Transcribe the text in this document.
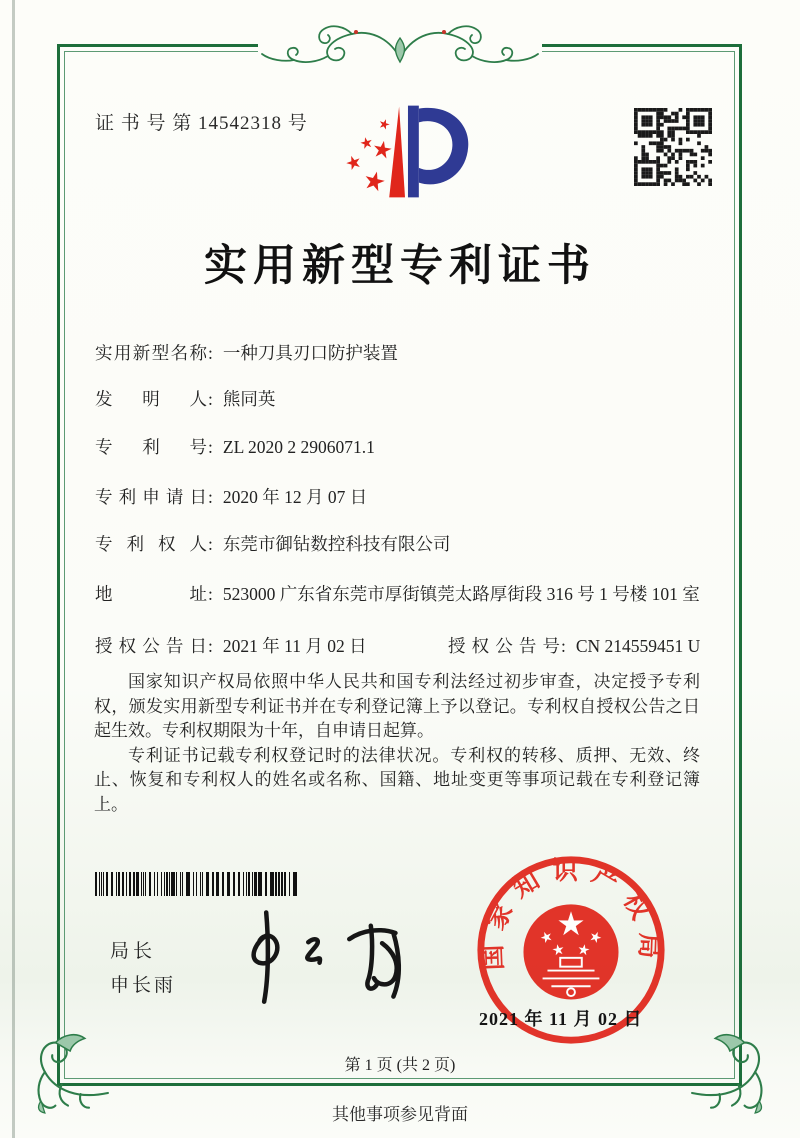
证 书 号 第 14542318 号
实用新型专利证书
实用新型名称 : 一种刀具刃口防护装置
发明人 : 熊同英
专利号 : ZL 2020 2 2906071.1
专利申请日 : 2020 年 12 月 07 日
专利权人 : 东莞市御钻数控科技有限公司
地址 : 523000 广东省东莞市厚街镇莞太路厚街段 316 号 1 号楼 101 室
授权公告日 : 2021 年 11 月 02 日	授权公告号 : CN 214559451 U

国家知识产权局依照中华人民共和国专利法经过初步审查，决定授予专利权，颁发实用新型专利证书并在专利登记簿上予以登记。专利权自授权公告之日起生效。专利权期限为十年，自申请日起算。

专利证书记载专利权登记时的法律状况。专利权的转移、质押、无效、终止、恢复和专利权人的姓名或名称、国籍、地址变更等事项记载在专利登记簿上。

局长
申长雨
国家知识产权局
2021 年 11 月 02 日
第 1 页 (共 2 页)
其他事项参见背面
